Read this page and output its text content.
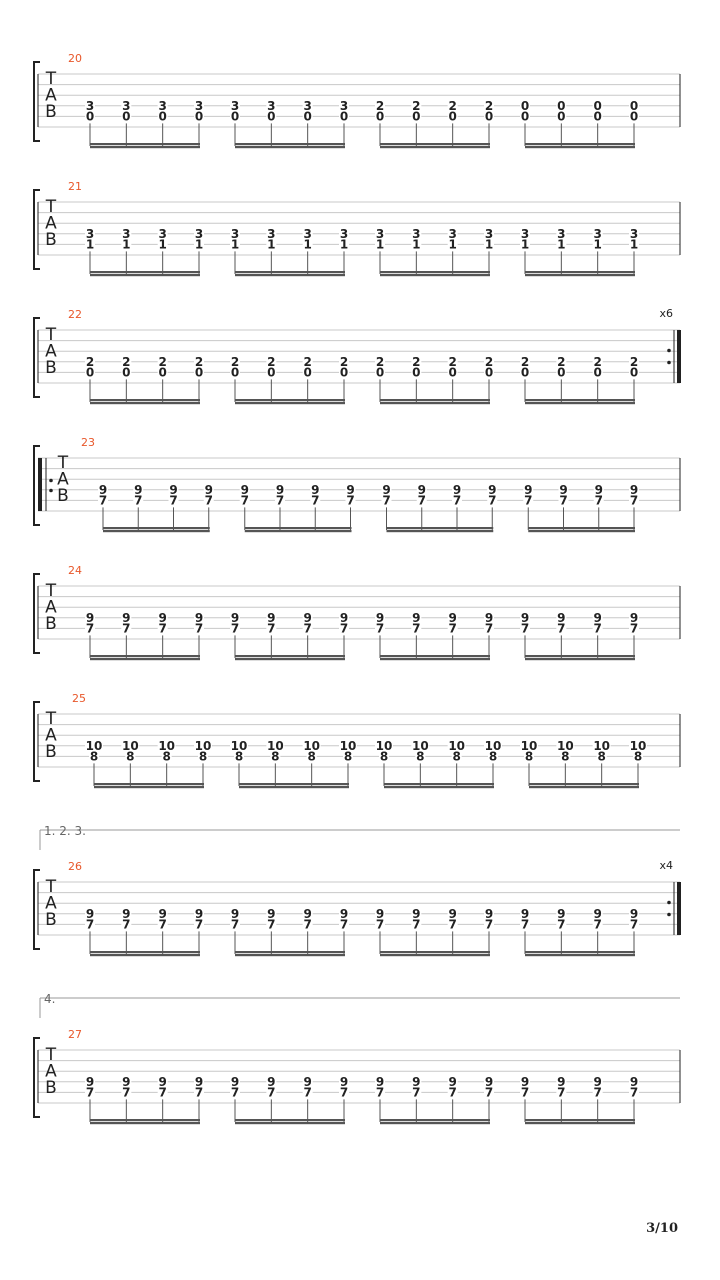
T
A
B
20
3
0
3
0
3
0
3
0
3
0
3
0
3
0
3
0
2
0
2
0
2
0
2
0
0
0
0
0
0
0
0
0
T
A
B
21
3
1
3
1
3
1
3
1
3
1
3
1
3
1
3
1
3
1
3
1
3
1
3
1
3
1
3
1
3
1
3
1
T
A
B
22	x6
2
0
2
0
2
0
2
0
2
0
2
0
2
0
2
0
2
0
2
0
2
0
2
0
2
0
2
0
2
0
2
0
T
A
B
23
9
7
9
7
9
7
9
7
9
7
9
7
9
7
9
7
9
7
9
7
9
7
9
7
9
7
9
7
9
7
9
7
T
A
B
24
9
7
9
7
9
7
9
7
9
7
9
7
9
7
9
7
9
7
9
7
9
7
9
7
9
7
9
7
9
7
9
7
T
A
B
25
10
8
10
8
10
8
10
8
10
8
10
8
10
8
10
8
10
8
10
8
10
8
10
8
10
8
10
8
10
8
10
8
1. 2. 3.
T
A
B
26	x4
9
7
9
7
9
7
9
7
9
7
9
7
9
7
9
7
9
7
9
7
9
7
9
7
9
7
9
7
9
7
9
7
4.
T
A
B
27
9
7
9
7
9
7
9
7
9
7
9
7
9
7
9
7
9
7
9
7
9
7
9
7
9
7
9
7
9
7
9
7
3/10
